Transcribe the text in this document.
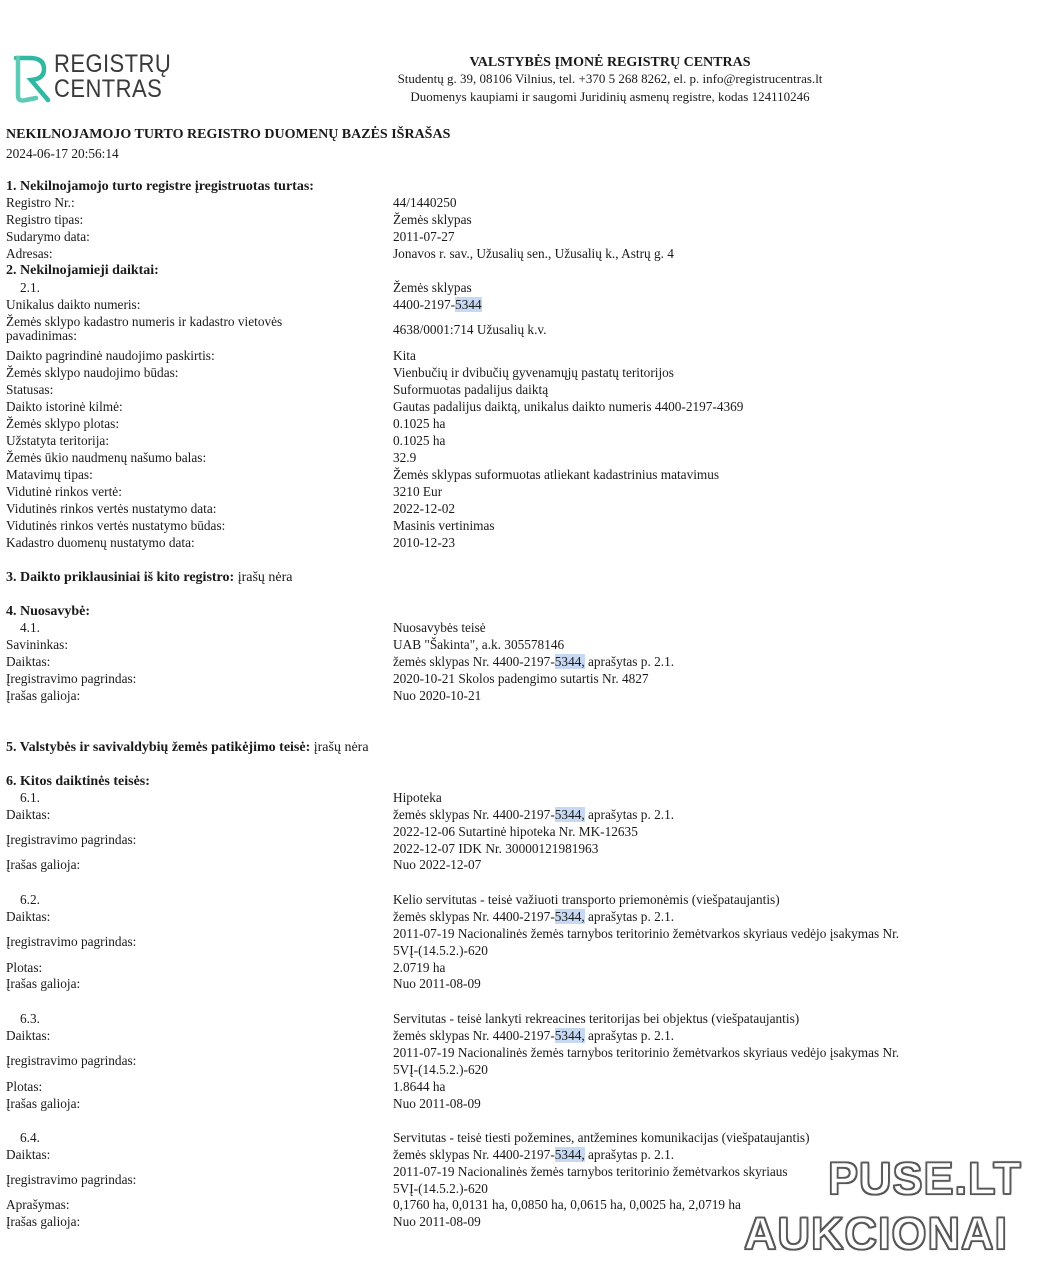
REGISTRŲ
CENTRAS
VALSTYBĖS ĮMONĖ REGISTRŲ CENTRAS
Studentų g. 39, 08106 Vilnius, tel. +370 5 268 8262, el. p. info@registrucentras.lt
Duomenys kaupiami ir saugomi Juridinių asmenų registre, kodas 124110246
NEKILNOJAMOJO TURTO REGISTRO DUOMENŲ BAZĖS IŠRAŠAS
2024-06-17 20:56:14
1. Nekilnojamojo turto registre įregistruotas turtas:
Registro Nr.:	44/1440250
Registro tipas:	Žemės sklypas
Sudarymo data:	2011-07-27
Adresas:	Jonavos r. sav., Užusalių sen., Užusalių k., Astrų g. 4
2. Nekilnojamieji daiktai:
2.1.	Žemės sklypas
Unikalus daikto numeris:	4400-2197-5344
Žemės sklypo kadastro numeris ir kadastro vietovės
pavadinimas:	4638/0001:714 Užusalių k.v.
Daikto pagrindinė naudojimo paskirtis:	Kita
Žemės sklypo naudojimo būdas:	Vienbučių ir dvibučių gyvenamųjų pastatų teritorijos
Statusas:	Suformuotas padalijus daiktą
Daikto istorinė kilmė:	Gautas padalijus daiktą, unikalus daikto numeris 4400-2197-4369
Žemės sklypo plotas:	0.1025 ha
Užstatyta teritorija:	0.1025 ha
Žemės ūkio naudmenų našumo balas:	32.9
Matavimų tipas:	Žemės sklypas suformuotas atliekant kadastrinius matavimus
Vidutinė rinkos vertė:	3210 Eur
Vidutinės rinkos vertės nustatymo data:	2022-12-02
Vidutinės rinkos vertės nustatymo būdas:	Masinis vertinimas
Kadastro duomenų nustatymo data:	2010-12-23
3. Daikto priklausiniai iš kito registro: įrašų nėra
4. Nuosavybė:
4.1.	Nuosavybės teisė
Savininkas:	UAB "Šakinta", a.k. 305578146
Daiktas:	žemės sklypas Nr. 4400-2197-5344, aprašytas p. 2.1.
Įregistravimo pagrindas:	2020-10-21 Skolos padengimo sutartis Nr. 4827
Įrašas galioja:	Nuo 2020-10-21
5. Valstybės ir savivaldybių žemės patikėjimo teisė: įrašų nėra
6. Kitos daiktinės teisės:
6.1.	Hipoteka
Daiktas:	žemės sklypas Nr. 4400-2197-5344, aprašytas p. 2.1.
Įregistravimo pagrindas:
2022-12-06 Sutartinė hipoteka Nr. MK-12635
2022-12-07 IDK Nr. 30000121981963
Įrašas galioja:	Nuo 2022-12-07
6.2.	Kelio servitutas - teisė važiuoti transporto priemonėmis (viešpataujantis)
Daiktas:	žemės sklypas Nr. 4400-2197-5344, aprašytas p. 2.1.
Įregistravimo pagrindas:
2011-07-19 Nacionalinės žemės tarnybos teritorinio žemėtvarkos skyriaus vedėjo įsakymas Nr.
5VĮ-(14.5.2.)-620
Plotas:	2.0719 ha
Įrašas galioja:	Nuo 2011-08-09
6.3.	Servitutas - teisė lankyti rekreacines teritorijas bei objektus (viešpataujantis)
Daiktas:	žemės sklypas Nr. 4400-2197-5344, aprašytas p. 2.1.
Įregistravimo pagrindas:
2011-07-19 Nacionalinės žemės tarnybos teritorinio žemėtvarkos skyriaus vedėjo įsakymas Nr.
5VĮ-(14.5.2.)-620
Plotas:	1.8644 ha
Įrašas galioja:	Nuo 2011-08-09
6.4.	Servitutas - teisė tiesti požemines, antžemines komunikacijas (viešpataujantis)
Daiktas:	žemės sklypas Nr. 4400-2197-5344, aprašytas p. 2.1.
Įregistravimo pagrindas:
2011-07-19 Nacionalinės žemės tarnybos teritorinio žemėtvarkos skyriaus
5VĮ-(14.5.2.)-620
Aprašymas:	0,1760 ha, 0,0131 ha, 0,0850 ha, 0,0615 ha, 0,0025 ha, 2,0719 ha
Įrašas galioja:	Nuo 2011-08-09
PUSE.LT
AUKCIONAI
